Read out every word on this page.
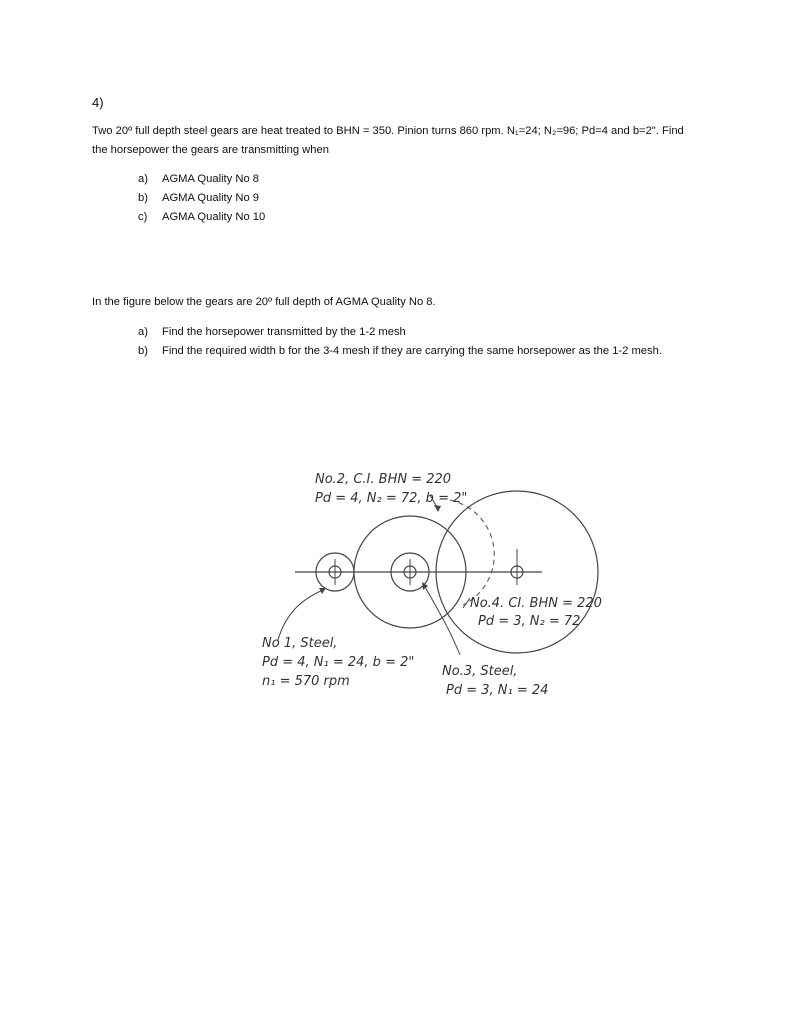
4)
Two 20º full depth steel gears are heat treated to BHN = 350. Pinion turns 860 rpm. N₁=24; N₂=96; Pd=4 and b=2". Find the horsepower the gears are transmitting when
a) AGMA Quality No 8
b) AGMA Quality No 9
c) AGMA Quality No 10
In the figure below the gears are 20º full depth of AGMA Quality No 8.
a) Find the horsepower transmitted by the 1-2 mesh
b) Find the required width b for the 3-4 mesh if they are carrying the same horsepower as the 1-2 mesh.
No.2, C.I. BHN = 220
Pd = 4, N₂ = 72, b = 2"
No.4. CI. BHN = 220
Pd = 3, N₂ = 72
No 1, Steel,
Pd = 4, N₁ = 24, b = 2"
n₁ = 570 rpm
No.3, Steel,
Pd = 3, N₁ = 24
